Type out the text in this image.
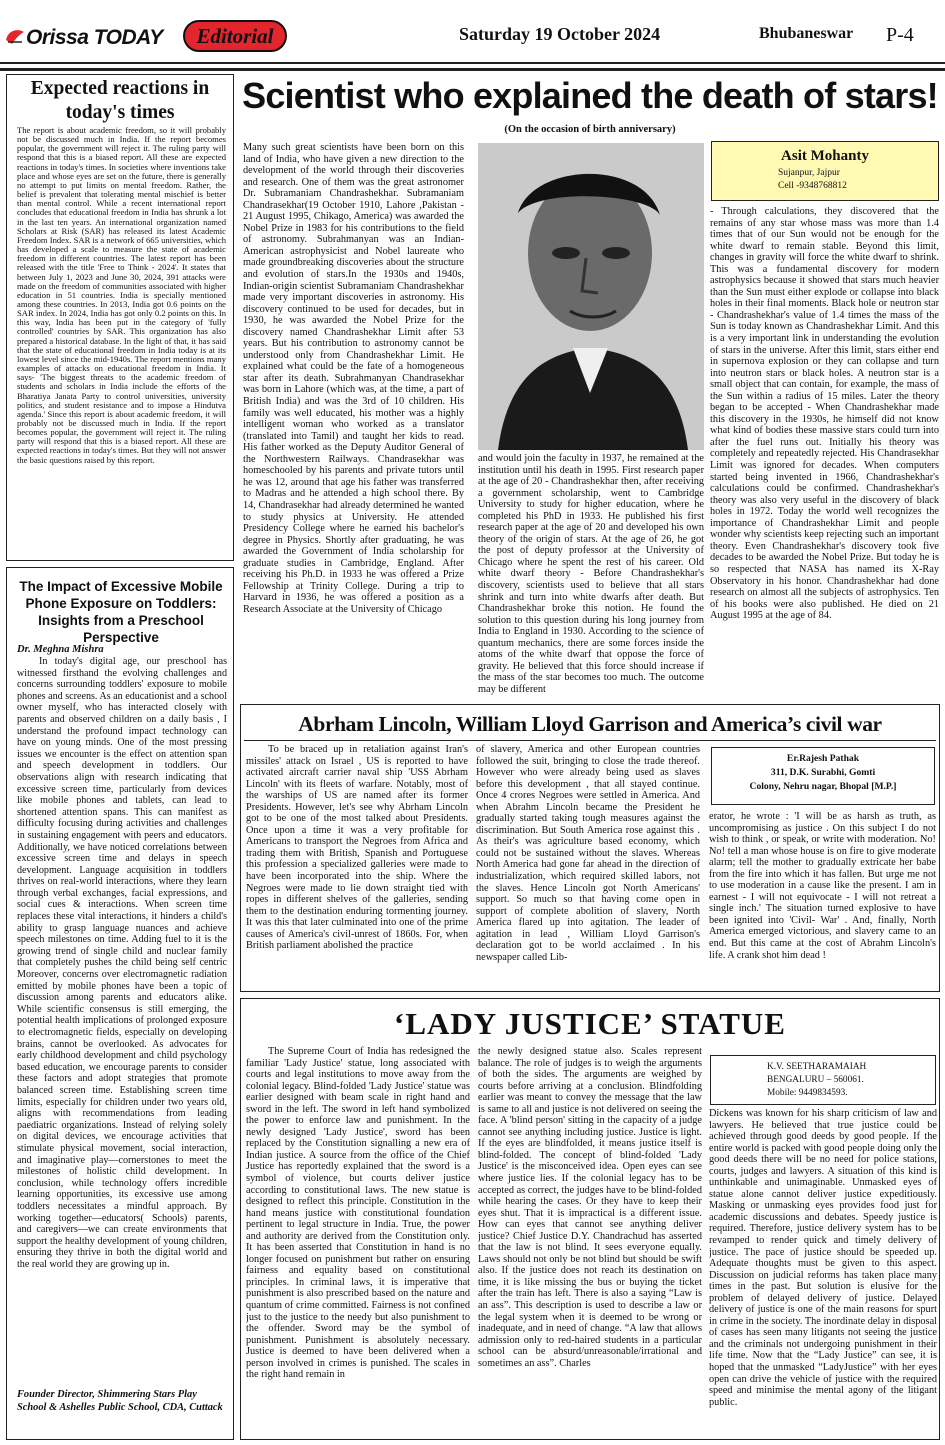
Orissa TODAY Editorial	Saturday 19 October 2024	Bhubaneswar P-4
Expected reactions in today's times
The report is about academic freedom, so it will probably not be discussed much in India. If the report becomes popular, the government will reject it. The ruling party will respond that this is a biased report. All these are expected reactions in today's times. In societies where inventions take place and whose eyes are set on the future, there is generally no attempt to put limits on mental freedom. Rather, the belief is prevalent that tolerating mental mischief is better than mental control. While a recent international report concludes that educational freedom in India has shrunk a lot in the last ten years. An international organization named Scholars at Risk (SAR) has released its latest Academic Freedom Index. SAR is a network of 665 universities, which has developed a scale to measure the state of academic freedom in different countries. The latest report has been released with the title 'Free to Think - 2024'. It states that between July 1, 2023 and June 30, 2024, 391 attacks were made on the freedom of communities associated with higher education in 51 countries. India is specially mentioned among these countries. In 2013, India got 0.6 points on the SAR index. In 2024, India has got only 0.2 points on this. In this way, India has been put in the category of 'fully controlled' countries by SAR. This organization has also prepared a historical database. In the light of that, it has said that the state of educational freedom in India today is at its lowest level since the mid-1940s. The report mentions many examples of attacks on educational freedom in India. It says- 'The biggest threats to the academic freedom of students and scholars in India include the efforts of the Bharatiya Janata Party to control universities, university politics, and student resistance and to impose a Hindutva agenda.' Since this report is about academic freedom, it will probably not be discussed much in India. If the report becomes popular, the government will reject it. The ruling party will respond that this is a biased report. All these are expected reactions in today's times. But they will not answer the basic questions raised by this report.
The Impact of Excessive Mobile Phone Exposure on Toddlers: Insights from a Preschool Perspective
Dr. Meghna Mishra
In today's digital age, our preschool has witnessed firsthand the evolving challenges and concerns surrounding toddlers' exposure to mobile phones and screens. As an educationist and a school owner myself, who has interacted closely with parents and observed children on a daily basis , I understand the profound impact technology can have on young minds. One of the most pressing issues we encounter is the effect on attention span and speech development in toddlers. Our observations align with research indicating that excessive screen time, particularly from devices like mobile phones and tablets, can lead to shortened attention spans. This can manifest as difficulty focusing during activities and challenges in sustaining engagement with peers and educators. Additionally, we have noticed correlations between excessive screen time and delays in speech development. Language acquisition in toddlers thrives on real-world interactions, where they learn through verbal exchanges, facial expressions, and social cues & interactions. When screen time replaces these vital interactions, it hinders a child's ability to grasp language nuances and achieve speech milestones on time. Adding fuel to it is the growing trend of single child and nuclear family that completely pushes the child being self centric Moreover, concerns over electromagnetic radiation emitted by mobile phones have been a topic of discussion among parents and educators alike. While scientific consensus is still emerging, the potential health implications of prolonged exposure to electromagnetic fields, especially on developing brains, cannot be overlooked. As advocates for early childhood development and child psychology based education, we encourage parents to consider these factors and adopt strategies that promote balanced screen time. Establishing screen time limits, especially for children under two years old, aligns with recommendations from leading paediatric organizations. Instead of relying solely on digital devices, we encourage activities that stimulate physical movement, social interaction, and imaginative play—cornerstones to meet the milestones of holistic child development. In conclusion, while technology offers incredible learning opportunities, its excessive use among toddlers necessitates a mindful approach. By working together—educators( Schools) parents, and caregivers—we can create environments that support the healthy development of young children, ensuring they thrive in both the digital world and the real world they are growing up in.
Founder Director, Shimmering Stars Play School & Ashelles Public School, CDA, Cuttack
Scientist who explained the death of stars!
(On the occasion of birth anniversary)
Many such great scientists have been born on this land of India, who have given a new direction to the development of the world through their discoveries and research. One of them was the great astronomer Dr. Subramaniam Chandrashekhar. Subramaniam Chandrasekhar(19 October 1910, Lahore ,Pakistan - 21 August 1995, Chikago, America) was awarded the Nobel Prize in 1983 for his contributions to the field of astronomy. Subrahmanyan was an Indian-American astrophysicist and Nobel laureate who made groundbreaking discoveries about the structure and evolution of stars.In the 1930s and 1940s, Indian-origin scientist Subramaniam Chandrashekhar made very important discoveries in astronomy. His discovery continued to be used for decades, but in 1930, he was awarded the Nobel Prize for the discovery named Chandrashekhar Limit after 53 years. But his contribution to astronomy cannot be understood only from Chandrashekhar Limit. He explained what could be the fate of a homogeneous star after its death. Subrahmanyan Chandrasekhar was born in Lahore (which was, at the time, a part of British India) and was the 3rd of 10 children. His family was well educated, his mother was a highly intelligent woman who worked as a translator (translated into Tamil) and taught her kids to read. His father worked as the Deputy Auditor General of the Northwestern Railways. Chandrasekhar was homeschooled by his parents and private tutors until he was 12, around that age his father was transferred to Madras and he attended a high school there. By 14, Chandrasekhar had already determined he wanted to study physics at University. He attended Presidency College where he earned his bachelor's degree in Physics. Shortly after graduating, he was awarded the Government of India scholarship for graduate studies in Cambridge, England. After receiving his Ph.D. in 1933 he was offered a Prize Fellowship at Trinity College. During a trip to Harvard in 1936, he was offered a position as a Research Associate at the University of Chicago
and would join the faculty in 1937, he remained at the institution until his death in 1995. First research paper at the age of 20 - Chandrashekhar then, after receiving a government scholarship, went to Cambridge University to study for higher education, where he completed his PhD in 1933. He published his first research paper at the age of 20 and developed his own theory of the origin of stars. At the age of 26, he got the post of deputy professor at the University of Chicago where he spent the rest of his career. Old white dwarf theory - Before Chandrashekhar's discovery, scientists used to believe that all stars shrink and turn into white dwarfs after death. But Chandrashekhar broke this notion. He found the solution to this question during his long journey from India to England in 1930. According to the science of quantum mechanics, there are some forces inside the atoms of the white dwarf that oppose the force of gravity. He believed that this force should increase if the mass of the star becomes too much. The outcome may be different
Asit Mohanty
Sujanpur, Jajpur
Cell -9348768812
- Through calculations, they discovered that the remains of any star whose mass was more than 1.4 times that of our Sun would not be enough for the white dwarf to remain stable. Beyond this limit, changes in gravity will force the white dwarf to shrink. This was a fundamental discovery for modern astrophysics because it showed that stars much heavier than the Sun must either explode or collapse into black holes in their final moments. Black hole or neutron star - Chandrashekhar's value of 1.4 times the mass of the Sun is today known as Chandrashekhar Limit. And this is a very important link in understanding the evolution of stars in the universe. After this limit, stars either end in supernova explosion or they can collapse and turn into neutron stars or black holes. A neutron star is a small object that can contain, for example, the mass of the Sun within a radius of 15 miles. Later the theory began to be accepted - When Chandrashekhar made this discovery in the 1930s, he himself did not know what kind of bodies these massive stars could turn into after the fuel runs out. Initially his theory was completely and repeatedly rejected. His Chandrasekhar Limit was ignored for decades. When computers started being invented in 1966, Chandrashekhar's calculations could be confirmed. Chandrashekhar's theory was also very useful in the discovery of black holes in 1972. Today the world well recognizes the importance of Chandrashekhar Limit and people wonder why scientists keep rejecting such an important theory. Even Chandrashekhar's discovery took five decades to be awarded the Nobel Prize. But today he is so respected that NASA has named its X-Ray Observatory in his honor. Chandrashekhar had done research on almost all the subjects of astrophysics. Ten of his books were also published. He died on 21 August 1995 at the age of 84.
Abrham Lincoln, William Lloyd Garrison and America’s civil war
To be braced up in retaliation against Iran's missiles' attack on Israel , US is reported to have activated aircraft carrier naval ship 'USS Abrham Lincoln' with its fleets of warfare. Notably, most of the warships of US are named after its former Presidents. However, let's see why Abrham Lincoln got to be one of the most talked about Presidents. Once upon a time it was a very profitable for Americans to transport the Negroes from Africa and trading them with British, Spanish and Portuguese this profession a specialized galleries were made to have been incorporated into the ship. Where the Negroes were made to lie down straight tied with ropes in different shelves of the galleries, sending them to the destination enduring tormenting journey. It was this that later culminated into one of the prime causes of America's civil-unrest of 1860s. For, when British parliament abolished the practice
of slavery, America and other European countries followed the suit, bringing to close the trade thereof. However who were already being used as slaves before this development , that all stayed continue. Once 4 crores Negroes were settled in America. And when Abrahm Lincoln became the President he gradually started taking tough measures against the discrimination. But South America rose against this . As their's was agriculture based economy, which could not be sustained without the slaves. Whereas North America had gone far ahead in the direction of industrialization, which required skilled labors, not the slaves. Hence Lincoln got North Americans' support. So much so that having come open in support of complete abolition of slavery, North America flared up into agitation. The leader of agitation in lead , William Lloyd Garrison's declaration got to be world acclaimed . In his newspaper called Lib-
Er.Rajesh Pathak
311, D.K. Surabhi, Gomti
Colony, Nehru nagar, Bhopal [M.P.]
erator, he wrote : 'I will be as harsh as truth, as uncompromising as justice . On this subject I do not wish to think , or speak, or write with moderation. No! No! tell a man whose house is on fire to give moderate alarm; tell the mother to gradually extricate her babe from the fire into which it has fallen. But urge me not to use moderation in a cause like the present. I am in earnest - I will not equivocate - I will not retreat a single inch.' The situation turned explosive to have been ignited into 'Civil- War' . And, finally, North America emerged victorious, and slavery came to an end. But this came at the cost of Abrahm Lincoln's life. A crank shot him dead !
‘LADY JUSTICE’ STATUE
The Supreme Court of India has redesigned the familiar 'Lady Justice' statue, long associated with courts and legal institutions to move away from the colonial legacy. Blind-folded 'Lady Justice' statue was earlier designed with beam scale in right hand and sword in the left. The sword in left hand symbolized the power to enforce law and punishment. In the newly designed 'Lady Justice', sword has been replaced by the Constitution signalling a new era of Indian justice. A source from the office of the Chief Justice has reportedly explained that the sword is a symbol of violence, but courts deliver justice according to constitutional laws. The new statue is designed to reflect this principle. Constitution in the hand means justice with constitutional foundation pertinent to legal structure in India. True, the power and authority are derived from the Constitution only. It has been asserted that Constitution in hand is no longer focused on punishment but rather on ensuring fairness and equality based on constitutional principles. In criminal laws, it is imperative that punishment is also prescribed based on the nature and quantum of crime committed. Fairness is not confined just to the justice to the needy but also punishment to the offender. Sword may be the symbol of punishment. Punishment is absolutely necessary. Justice is deemed to have been delivered when a person involved in crimes is punished. The scales in the right hand remain in
the newly designed statue also. Scales represent balance. The role of judges is to weigh the arguments of both the sides. The arguments are weighed by courts before arriving at a conclusion. Blindfolding earlier was meant to convey the message that the law is same to all and justice is not delivered on seeing the face. A 'blind person' sitting in the capacity of a judge cannot see anything including justice. Justice is light. If the eyes are blindfolded, it means justice itself is blind-folded. The concept of blind-folded 'Lady Justice' is the misconceived idea. Open eyes can see where justice lies. If the colonial legacy has to be accepted as correct, the judges have to be blind-folded while hearing the cases. Or they have to keep their eyes shut. That it is impractical is a different issue. How can eyes that cannot see anything deliver justice? Chief Justice D.Y. Chandrachud has asserted that the law is not blind. It sees everyone equally. Laws should not only be not blind but should be swift also. If the justice does not reach its destination on time, it is like missing the bus or buying the ticket after the train has left. There is also a saying “Law is an ass”. This description is used to describe a law or the legal system when it is deemed to be wrong or inadequate, and in need of change. “A law that allows admission only to red-haired students in a particular school can be absurd/unreasonable/irrational and sometimes an ass”. Charles
K.V. SEETHARAMAIAH
BENGALURU – 560061.
Mobile: 9449834593.
Dickens was known for his sharp criticism of law and lawyers. He believed that true justice could be achieved through good deeds by good people. If the entire world is packed with good people doing only the good deeds there will be no need for police stations, courts, judges and lawyers. A situation of this kind is unthinkable and unimaginable. Unmasked eyes of statue alone cannot deliver justice expeditiously. Masking or unmasking eyes provides food just for academic discussions and debates. Speedy justice is required. Therefore, justice delivery system has to be revamped to render quick and timely delivery of justice. The pace of justice should be speeded up. Adequate thoughts must be given to this aspect. Discussion on judicial reforms has taken place many times in the past. But solution is elusive for the problem of delayed delivery of justice. Delayed delivery of justice is one of the main reasons for spurt in crime in the society. The inordinate delay in disposal of cases has seen many litigants not seeing the justice and the criminals not undergoing punishment in their life time. Now that the “Lady Justice” can see, it is hoped that the unmasked “LadyJustice” with her eyes open can drive the vehicle of justice with the required speed and minimise the mental agony of the litigant public.
